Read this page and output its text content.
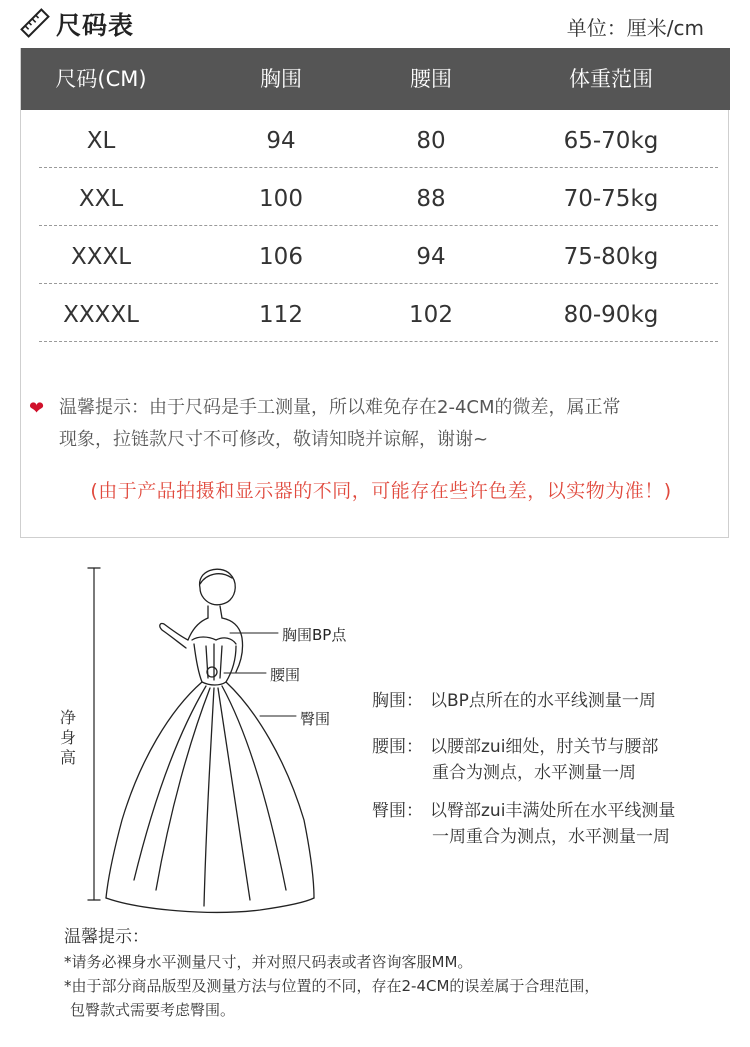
尺码表	单位：厘米/cm
尺码(CM)	胸围	腰围	体重范围
XL	94	80	65-70kg
XXL	100	88	70-75kg
XXXL	106	94	75-80kg
XXXXL	112	102	80-90kg
❤ 温馨提示：由于尺码是手工测量，所以难免存在2-4CM的微差，属正常
现象，拉链款尺寸不可修改，敬请知晓并谅解，谢谢~
(由于产品拍摄和显示器的不同，可能存在些许色差，以实物为准！)
净身高
胸围BP点
腰围
臀围
胸围： 以BP点所在的水平线测量一周
腰围： 以腰部zui细处，肘关节与腰部
重合为测点，水平测量一周
臀围： 以臀部zui丰满处所在水平线测量
一周重合为测点，水平测量一周
温馨提示：
*请务必裸身水平测量尺寸，并对照尺码表或者咨询客服MM。
*由于部分商品版型及测量方法与位置的不同，存在2-4CM的误差属于合理范围，
包臀款式需要考虑臀围。
